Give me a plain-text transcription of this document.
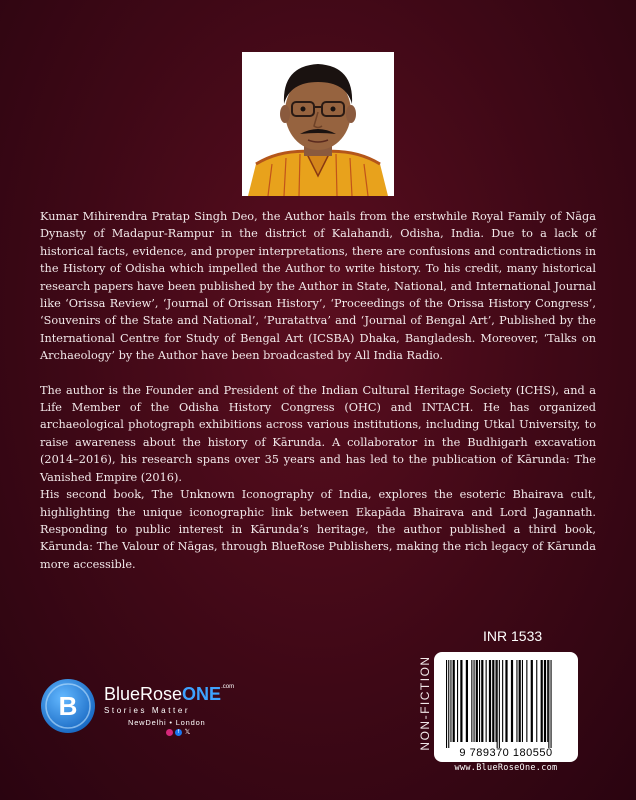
Kumar Mihirendra Pratap Singh Deo, the Author hails from the erstwhile Royal Family of Nāga Dynasty of Madapur-Rampur in the district of Kalahandi, Odisha, India. Due to a lack of historical facts, evidence, and proper interpretations, there are confusions and contradictions in the History of Odisha which impelled the Author to write history. To his credit, many historical research papers have been published by the Author in State, National, and International Journal like ‘Orissa Review’, ‘Journal of Orissan History’, ‘Proceedings of the Orissa History Congress’, ‘Souvenirs of the State and National’, ‘Puratattva’ and ‘Journal of Bengal Art’, Published by the International Centre for Study of Bengal Art (ICSBA) Dhaka, Bangladesh. Moreover, ‘Talks on Archaeology’ by the Author have been broadcasted by All India Radio.

The author is the Founder and President of the Indian Cultural Heritage Society (ICHS), and a Life Member of the Odisha History Congress (OHC) and INTACH. He has organized archaeological photograph exhibitions across various institutions, including Utkal University, to raise awareness about the history of Kārunda. A collaborator in the Budhigarh excavation (2014–2016), his research spans over 35 years and has led to the publication of Kārunda: The Vanished Empire (2016).

His second book, The Unknown Iconography of India, explores the esoteric Bhairava cult, highlighting the unique iconographic link between Ekapāda Bhairava and Lord Jagannath. Responding to public interest in Kārunda’s heritage, the author published a third book, Kārunda: The Valour of Nāgas, through BlueRose Publishers, making the rich legacy of Kārunda more accessible.

INR 1533
NON-FICTION
9 789370 180550
www.BlueRoseOne.com
B BlueRoseONE$^{.com}$
Stories Matter
NewDelhi • London
f 𝕏
